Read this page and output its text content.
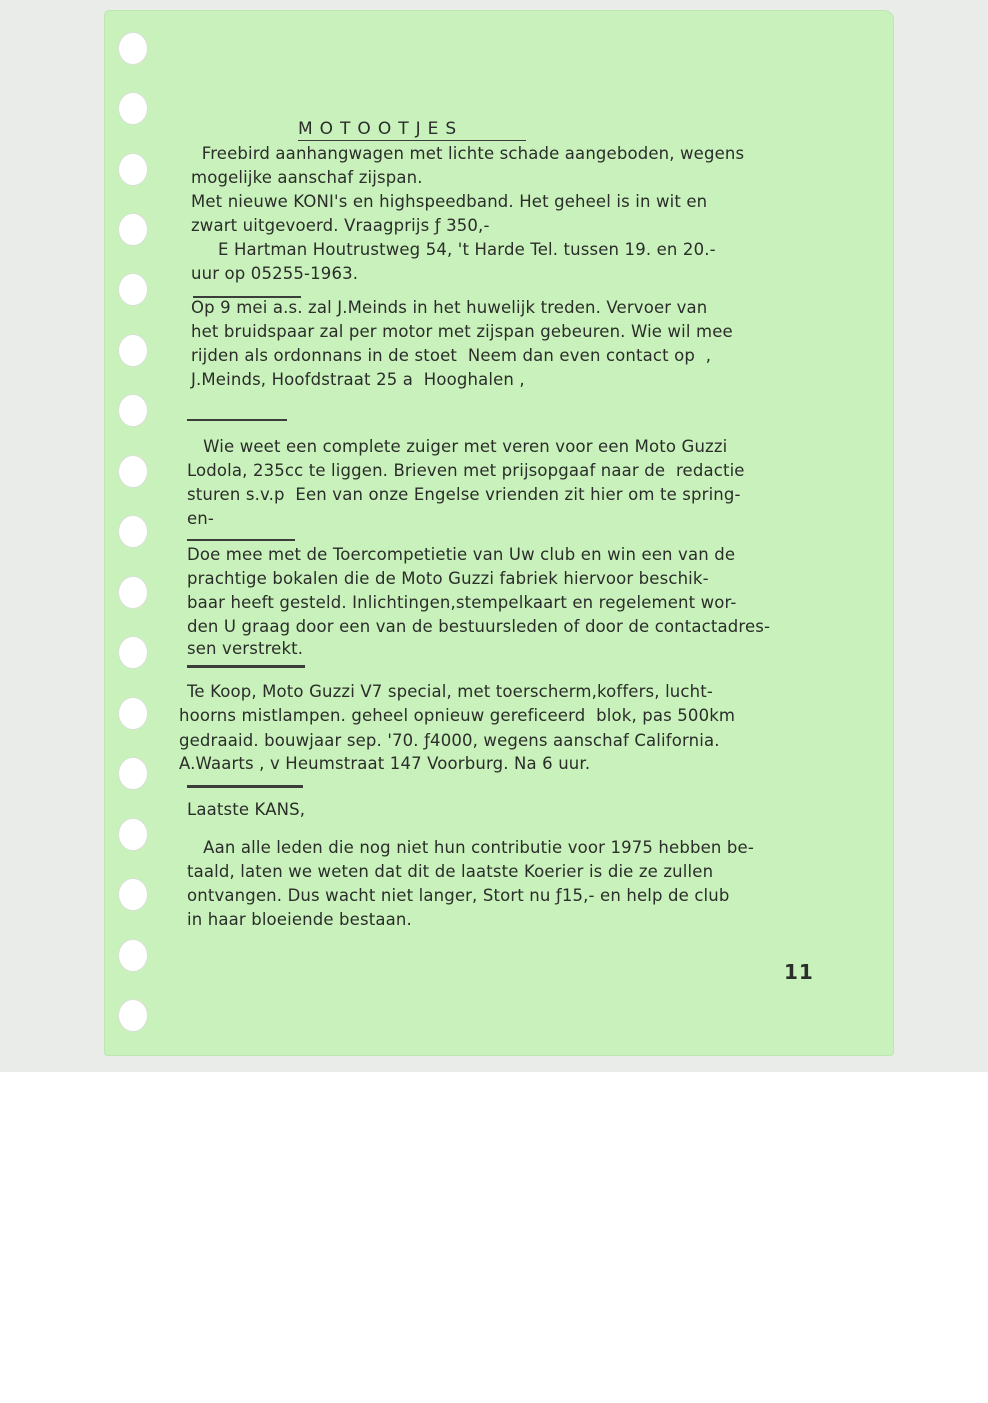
MOTOOTJES
Freebird aanhangwagen met lichte schade aangeboden, wegens
mogelijke aanschaf zijspan.
Met nieuwe KONI's en highspeedband. Het geheel is in wit en
zwart uitgevoerd. Vraagprijs ƒ 350,-
E Hartman Houtrustweg 54, 't Harde Tel. tussen 19. en 20.-
uur op 05255-1963.
Op 9 mei a.s. zal J.Meinds in het huwelijk treden. Vervoer van
het bruidspaar zal per motor met zijspan gebeuren. Wie wil mee
rijden als ordonnans in de stoet  Neem dan even contact op  ,
J.Meinds, Hoofdstraat 25 a  Hooghalen ,
Wie weet een complete zuiger met veren voor een Moto Guzzi
Lodola, 235cc te liggen. Brieven met prijsopgaaf naar de  redactie
sturen s.v.p  Een van onze Engelse vrienden zit hier om te spring-
en-
Doe mee met de Toercompetietie van Uw club en win een van de
prachtige bokalen die de Moto Guzzi fabriek hiervoor beschik-
baar heeft gesteld. Inlichtingen,stempelkaart en regelement wor-
den U graag door een van de bestuursleden of door de contactadres-
sen verstrekt.
Te Koop, Moto Guzzi V7 special, met toerscherm,koffers, lucht-
hoorns mistlampen. geheel opnieuw gereficeerd  blok, pas 500km
gedraaid. bouwjaar sep. '70. ƒ4000, wegens aanschaf California.
A.Waarts , v Heumstraat 147 Voorburg. Na 6 uur.
Laatste KANS,
Aan alle leden die nog niet hun contributie voor 1975 hebben be-
taald, laten we weten dat dit de laatste Koerier is die ze zullen
ontvangen. Dus wacht niet langer, Stort nu ƒ15,- en help de club
in haar bloeiende bestaan.
11
